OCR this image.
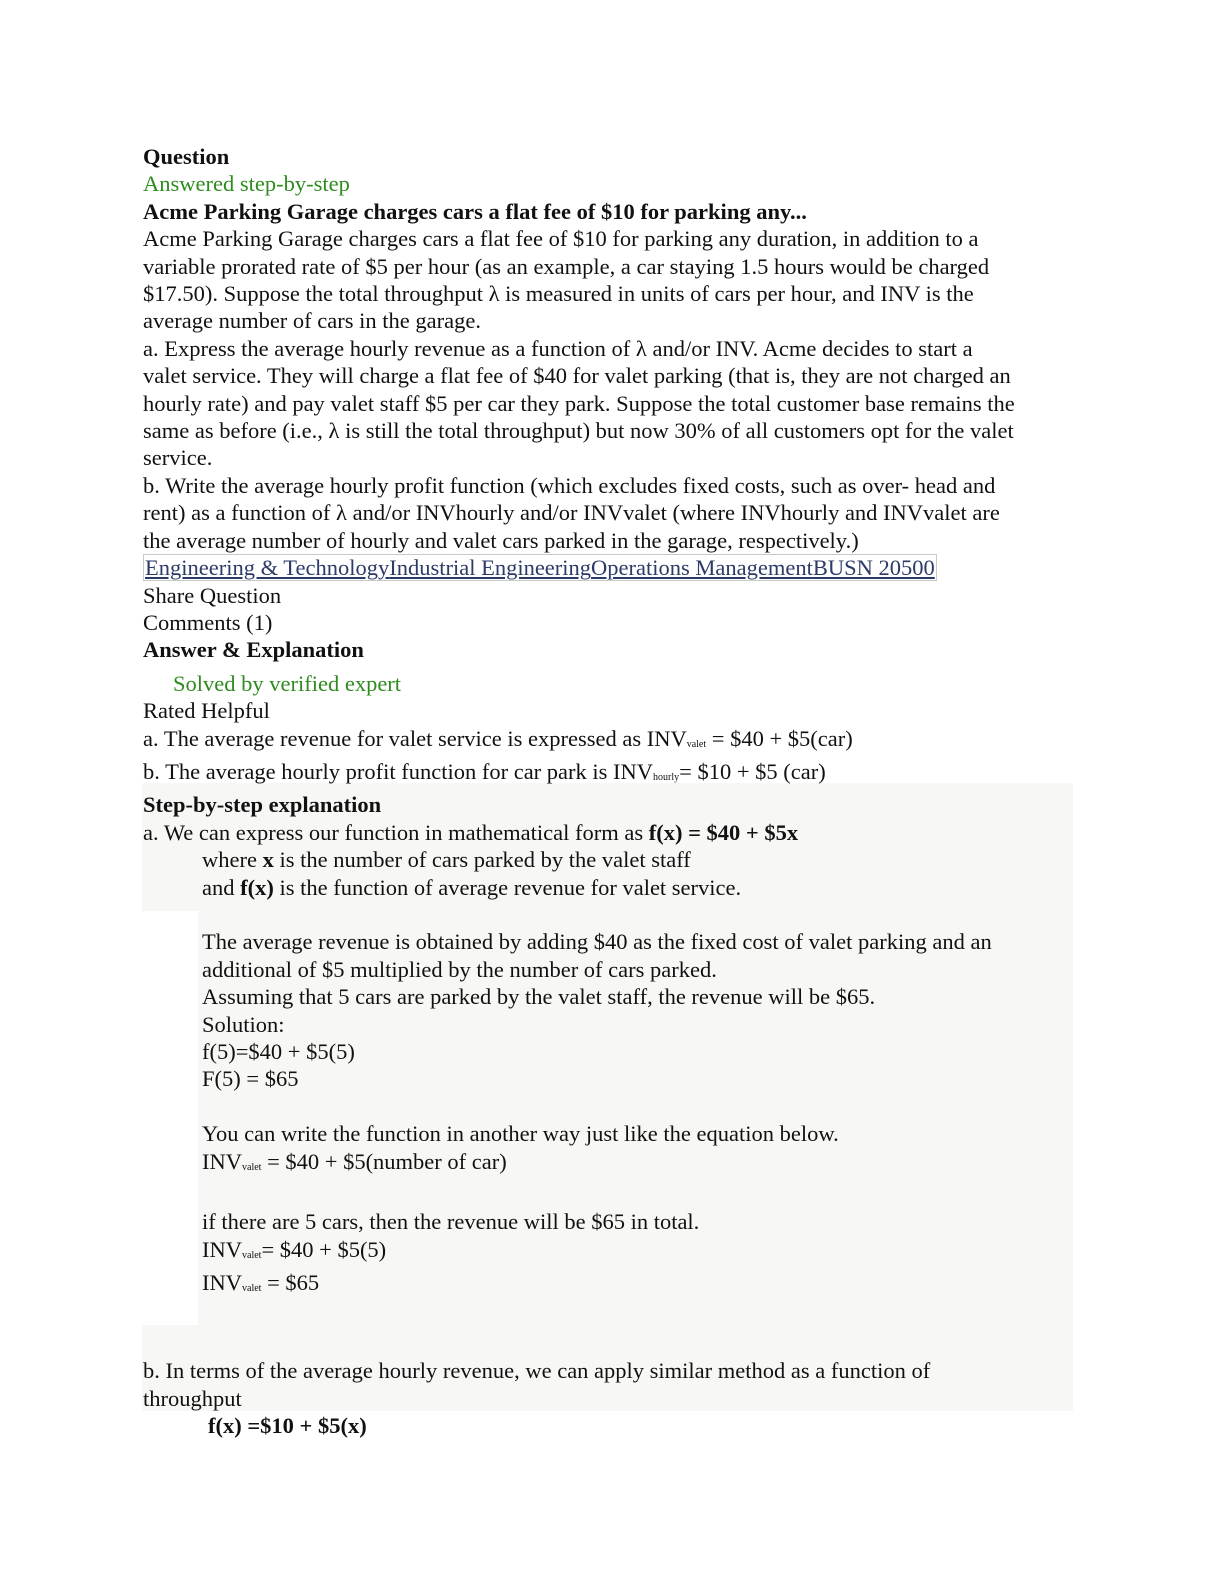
Question
Answered step-by-step
Acme Parking Garage charges cars a flat fee of $10 for parking any...
Acme Parking Garage charges cars a flat fee of $10 for parking any duration, in addition to a
variable prorated rate of $5 per hour (as an example, a car staying 1.5 hours would be charged
$17.50). Suppose the total throughput λ is measured in units of cars per hour, and INV is the
average number of cars in the garage.
a. Express the average hourly revenue as a function of λ and/or INV. Acme decides to start a
valet service. They will charge a flat fee of $40 for valet parking (that is, they are not charged an
hourly rate) and pay valet staff $5 per car they park. Suppose the total customer base remains the
same as before (i.e., λ is still the total throughput) but now 30% of all customers opt for the valet
service.
b. Write the average hourly profit function (which excludes fixed costs, such as over- head and
rent) as a function of λ and/or INVhourly and/or INVvalet (where INVhourly and INVvalet are
the average number of hourly and valet cars parked in the garage, respectively.)
Engineering & TechnologyIndustrial EngineeringOperations ManagementBUSN 20500
Share Question
Comments (1)
Answer & Explanation
Solved by verified expert
Rated Helpful
a. The average revenue for valet service is expressed as INVvalet = $40 + $5(car)
b. The average hourly profit function for car park is INVhourly= $10 + $5 (car)
Step-by-step explanation
a. We can express our function in mathematical form as f(x) = $40 + $5x
where x is the number of cars parked by the valet staff
and f(x) is the function of average revenue for valet service.
The average revenue is obtained by adding $40 as the fixed cost of valet parking and an
additional of $5 multiplied by the number of cars parked.
Assuming that 5 cars are parked by the valet staff, the revenue will be $65.
Solution:
f(5)=$40 + $5(5)
F(5) = $65
You can write the function in another way just like the equation below.
INVvalet = $40 + $5(number of car)
if there are 5 cars, then the revenue will be $65 in total.
INVvalet= $40 + $5(5)
INVvalet = $65
b. In terms of the average hourly revenue, we can apply similar method as a function of
throughput
f(x) =$10 + $5(x)
